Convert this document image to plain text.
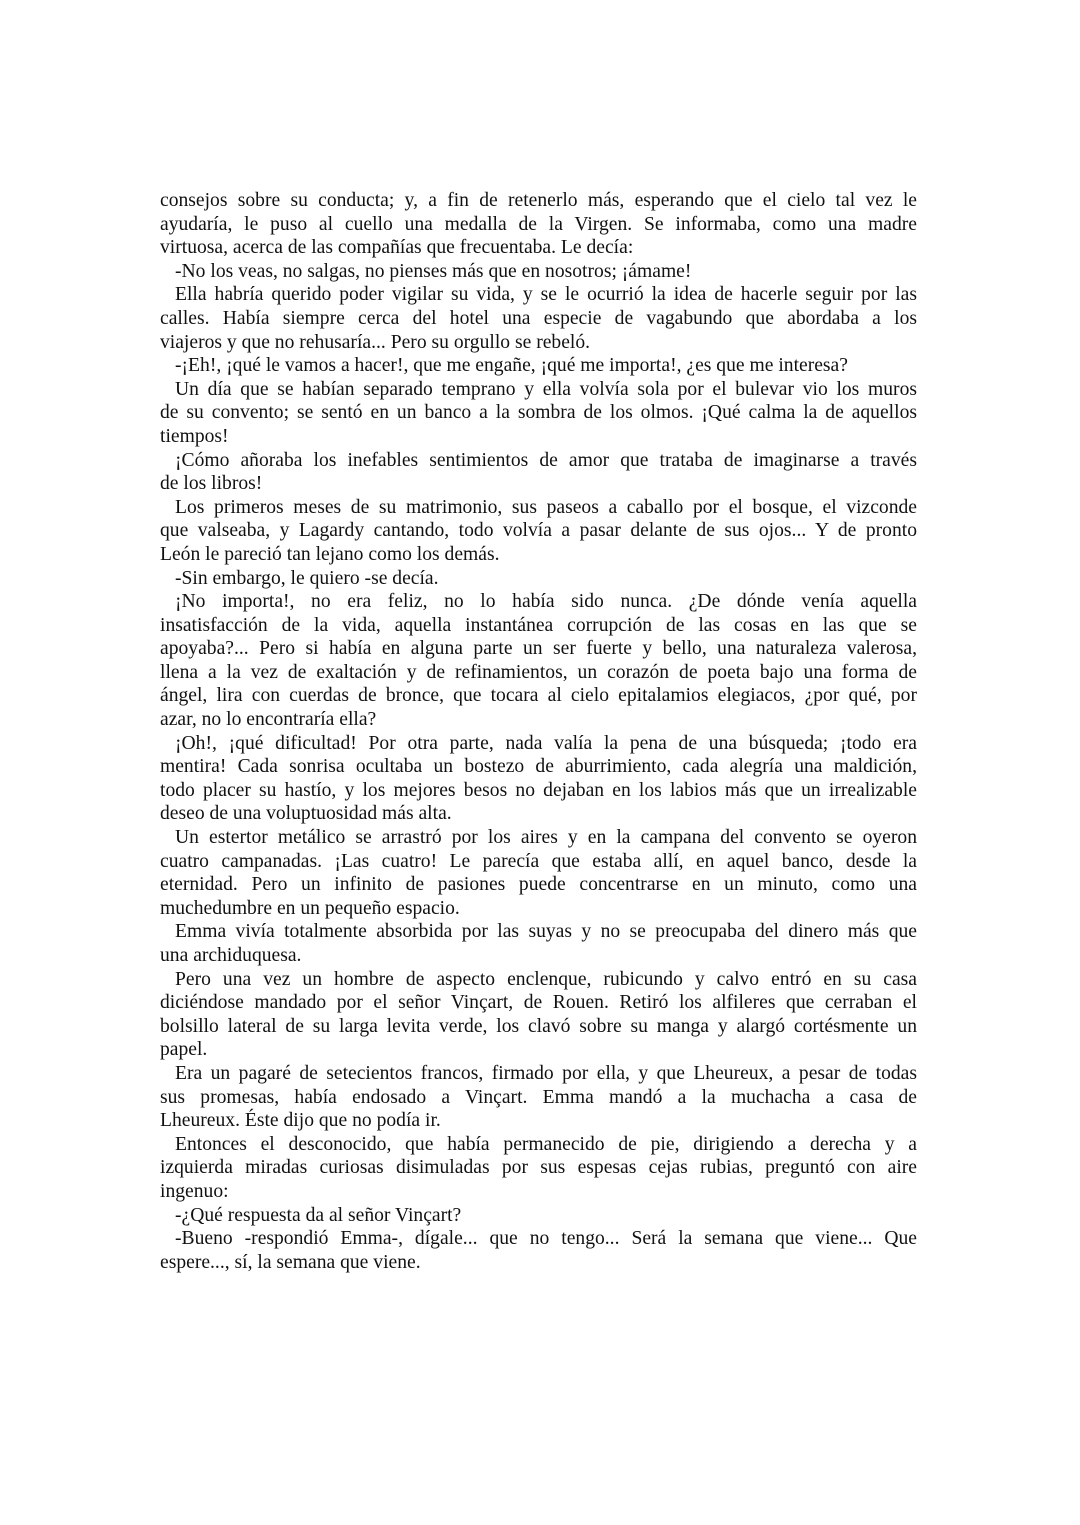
consejos sobre su conducta; y, a fin de retenerlo más, esperando que el cielo tal vez le
ayudaría, le puso al cuello una medalla de la Virgen. Se informaba, como una madre
virtuosa, acerca de las compañías que frecuentaba. Le decía:
-No los veas, no salgas, no pienses más que en nosotros; ¡ámame!
Ella habría querido poder vigilar su vida, y se le ocurrió la idea de hacerle seguir por las
calles. Había siempre cerca del hotel una especie de vagabundo que abordaba a los
viajeros y que no rehusaría... Pero su orgullo se rebeló.
-¡Eh!, ¡qué le vamos a hacer!, que me engañe, ¡qué me importa!, ¿es que me interesa?
Un día que se habían separado temprano y ella volvía sola por el bulevar vio los muros
de su convento; se sentó en un banco a la sombra de los olmos. ¡Qué calma la de aquellos
tiempos!
¡Cómo añoraba los inefables sentimientos de amor que trataba de imaginarse a través
de los libros!
Los primeros meses de su matrimonio, sus paseos a caballo por el bosque, el vizconde
que valseaba, y Lagardy cantando, todo volvía a pasar delante de sus ojos... Y de pronto
León le pareció tan lejano como los demás.
-Sin embargo, le quiero -se decía.
¡No importa!, no era feliz, no lo había sido nunca. ¿De dónde venía aquella
insatisfacción de la vida, aquella instantánea corrupción de las cosas en las que se
apoyaba?... Pero si había en alguna parte un ser fuerte y bello, una naturaleza valerosa,
llena a la vez de exaltación y de refinamientos, un corazón de poeta bajo una forma de
ángel, lira con cuerdas de bronce, que tocara al cielo epitalamios elegiacos, ¿por qué, por
azar, no lo encontraría ella?
¡Oh!, ¡qué dificultad! Por otra parte, nada valía la pena de una búsqueda; ¡todo era
mentira! Cada sonrisa ocultaba un bostezo de aburrimiento, cada alegría una maldición,
todo placer su hastío, y los mejores besos no dejaban en los labios más que un irrealizable
deseo de una voluptuosidad más alta.
Un estertor metálico se arrastró por los aires y en la campana del convento se oyeron
cuatro campanadas. ¡Las cuatro! Le parecía que estaba allí, en aquel banco, desde la
eternidad. Pero un infinito de pasiones puede concentrarse en un minuto, como una
muchedumbre en un pequeño espacio.
Emma vivía totalmente absorbida por las suyas y no se preocupaba del dinero más que
una archiduquesa.
Pero una vez un hombre de aspecto enclenque, rubicundo y calvo entró en su casa
diciéndose mandado por el señor Vinçart, de Rouen. Retiró los alfileres que cerraban el
bolsillo lateral de su larga levita verde, los clavó sobre su manga y alargó cortésmente un
papel.
Era un pagaré de setecientos francos, firmado por ella, y que Lheureux, a pesar de todas
sus promesas, había endosado a Vinçart. Emma mandó a la muchacha a casa de
Lheureux. Éste dijo que no podía ir.
Entonces el desconocido, que había permanecido de pie, dirigiendo a derecha y a
izquierda miradas curiosas disimuladas por sus espesas cejas rubias, preguntó con aire
ingenuo:
-¿Qué respuesta da al señor Vinçart?
-Bueno -respondió Emma-, dígale... que no tengo... Será la semana que viene... Que
espere..., sí, la semana que viene.
